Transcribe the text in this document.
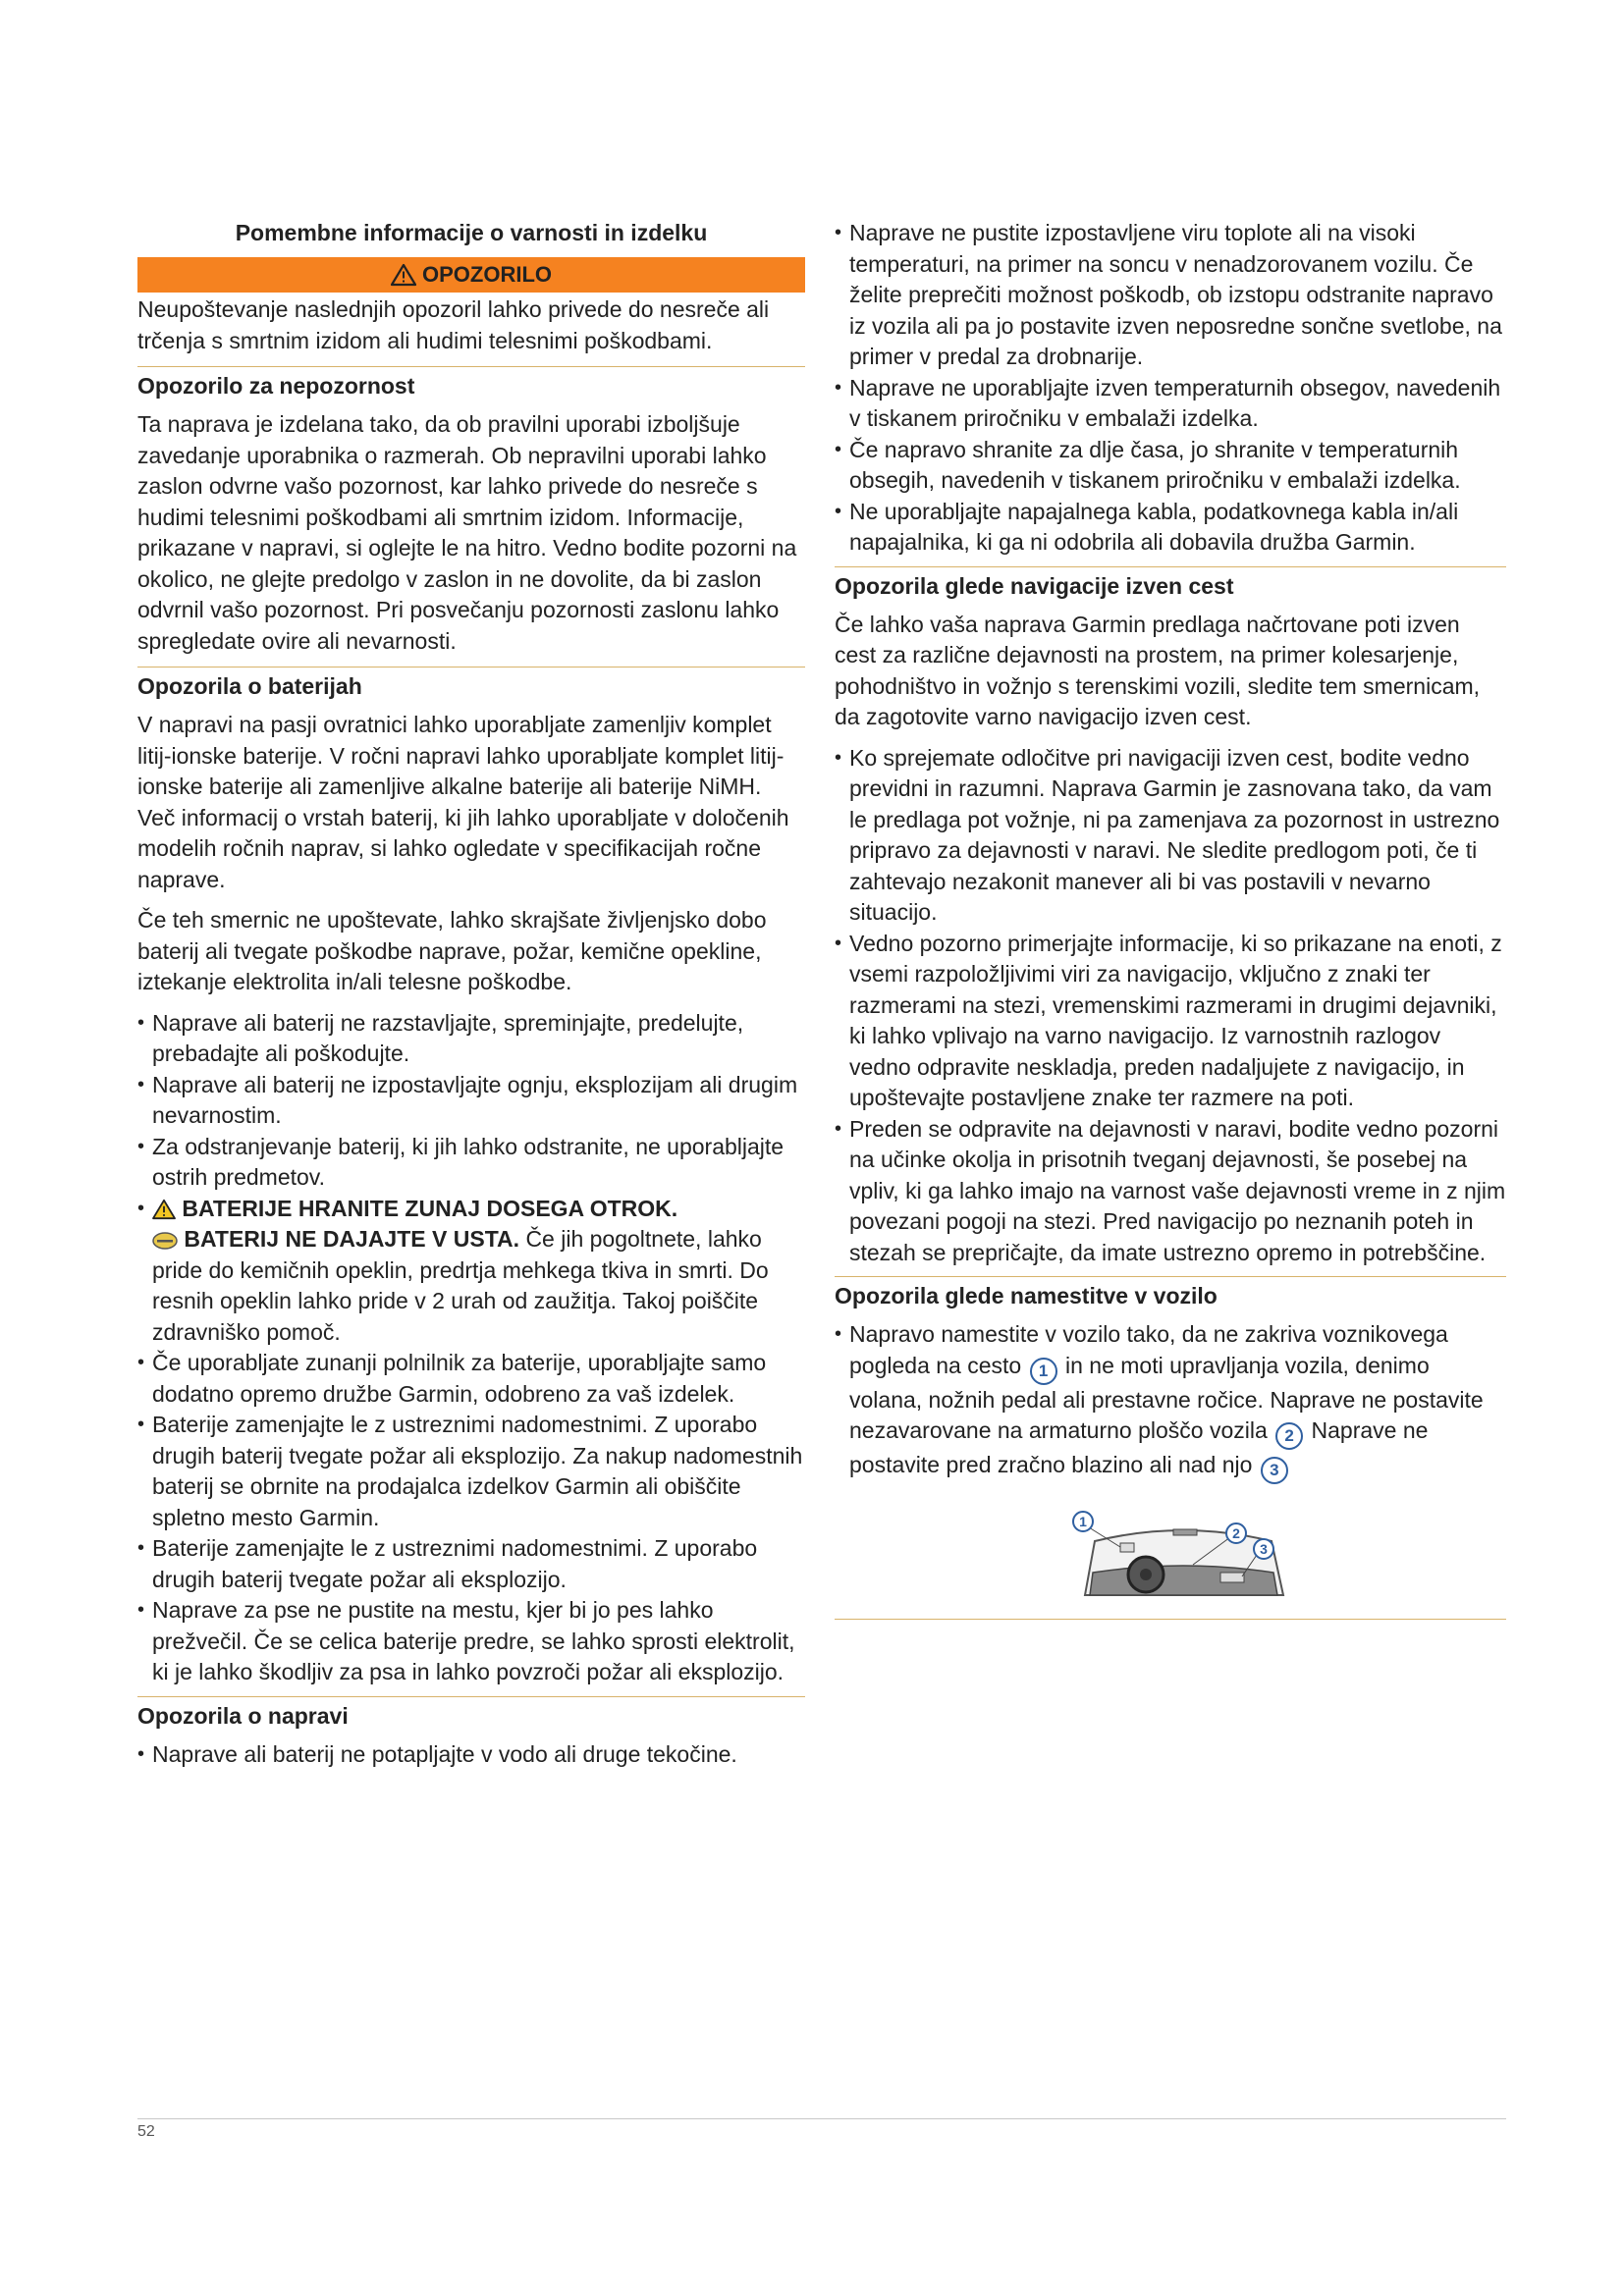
Pomembne informacije o varnosti in izdelku
OPOZORILO

Neupoštevanje naslednjih opozoril lahko privede do nesreče ali trčenja s smrtnim izidom ali hudimi telesnimi poškodbami.

Opozorilo za nepozornost

Ta naprava je izdelana tako, da ob pravilni uporabi izboljšuje zavedanje uporabnika o razmerah. Ob nepravilni uporabi lahko zaslon odvrne vašo pozornost, kar lahko privede do nesreče s hudimi telesnimi poškodbami ali smrtnim izidom. Informacije, prikazane v napravi, si oglejte le na hitro. Vedno bodite pozorni na okolico, ne glejte predolgo v zaslon in ne dovolite, da bi zaslon odvrnil vašo pozornost. Pri posvečanju pozornosti zaslonu lahko spregledate ovire ali nevarnosti.

Opozorila o baterijah

V napravi na pasji ovratnici lahko uporabljate zamenljiv komplet litij-ionske baterije. V ročni napravi lahko uporabljate komplet litij-ionske baterije ali zamenljive alkalne baterije ali baterije NiMH. Več informacij o vrstah baterij, ki jih lahko uporabljate v določenih modelih ročnih naprav, si lahko ogledate v specifikacijah ročne naprave.

Če teh smernic ne upoštevate, lahko skrajšate življenjsko dobo baterij ali tvegate poškodbe naprave, požar, kemične opekline, iztekanje elektrolita in/ali telesne poškodbe.

• Naprave ali baterij ne razstavljajte, spreminjajte, predelujte, prebadajte ali poškodujte.
• Naprave ali baterij ne izpostavljajte ognju, eksplozijam ali drugim nevarnostim.
• Za odstranjevanje baterij, ki jih lahko odstranite, ne uporabljajte ostrih predmetov.
• BATERIJE HRANITE ZUNAJ DOSEGA OTROK.
BATERIJ NE DAJAJTE V USTA. Če jih pogoltnete, lahko pride do kemičnih opeklin, predrtja mehkega tkiva in smrti. Do resnih opeklin lahko pride v 2 urah od zaužitja. Takoj poiščite zdravniško pomoč.
• Če uporabljate zunanji polnilnik za baterije, uporabljajte samo dodatno opremo družbe Garmin, odobreno za vaš izdelek.
• Baterije zamenjajte le z ustreznimi nadomestnimi. Z uporabo drugih baterij tvegate požar ali eksplozijo. Za nakup nadomestnih baterij se obrnite na prodajalca izdelkov Garmin ali obiščite spletno mesto Garmin.
• Baterije zamenjajte le z ustreznimi nadomestnimi. Z uporabo drugih baterij tvegate požar ali eksplozijo.
• Naprave za pse ne pustite na mestu, kjer bi jo pes lahko prežvečil. Če se celica baterije predre, se lahko sprosti elektrolit, ki je lahko škodljiv za psa in lahko povzroči požar ali eksplozijo.
Opozorila o napravi
• Naprave ali baterij ne potapljajte v vodo ali druge tekočine.
• Naprave ne pustite izpostavljene viru toplote ali na visoki temperaturi, na primer na soncu v nenadzorovanem vozilu. Če želite preprečiti možnost poškodb, ob izstopu odstranite napravo iz vozila ali pa jo postavite izven neposredne sončne svetlobe, na primer v predal za drobnarije.
• Naprave ne uporabljajte izven temperaturnih obsegov, navedenih v tiskanem priročniku v embalaži izdelka.
• Če napravo shranite za dlje časa, jo shranite v temperaturnih obsegih, navedenih v tiskanem priročniku v embalaži izdelka.
• Ne uporabljajte napajalnega kabla, podatkovnega kabla in/ali napajalnika, ki ga ni odobrila ali dobavila družba Garmin.
Opozorila glede navigacije izven cest

Če lahko vaša naprava Garmin predlaga načrtovane poti izven cest za različne dejavnosti na prostem, na primer kolesarjenje, pohodništvo in vožnjo s terenskimi vozili, sledite tem smernicam, da zagotovite varno navigacijo izven cest.

• Ko sprejemate odločitve pri navigaciji izven cest, bodite vedno previdni in razumni. Naprava Garmin je zasnovana tako, da vam le predlaga pot vožnje, ni pa zamenjava za pozornost in ustrezno pripravo za dejavnosti v naravi. Ne sledite predlogom poti, če ti zahtevajo nezakonit manever ali bi vas postavili v nevarno situacijo.
• Vedno pozorno primerjajte informacije, ki so prikazane na enoti, z vsemi razpoložljivimi viri za navigacijo, vključno z znaki ter razmerami na stezi, vremenskimi razmerami in drugimi dejavniki, ki lahko vplivajo na varno navigacijo. Iz varnostnih razlogov vedno odpravite neskladja, preden nadaljujete z navigacijo, in upoštevajte postavljene znake ter razmere na poti.
• Preden se odpravite na dejavnosti v naravi, bodite vedno pozorni na učinke okolja in prisotnih tveganj dejavnosti, še posebej na vpliv, ki ga lahko imajo na varnost vaše dejavnosti vreme in z njim povezani pogoji na stezi. Pred navigacijo po neznanih poteh in stezah se prepričajte, da imate ustrezno opremo in potrebščine.
Opozorila glede namestitve v vozilo
• Napravo namestite v vozilo tako, da ne zakriva voznikovega pogleda na cesto 1 in ne moti upravljanja vozila, denimo volana, nožnih pedal ali prestavne ročice. Naprave ne postavite nezavarovane na armaturno ploščo vozila 2 Naprave ne postavite pred zračno blazino ali nad njo 3
1
2
3
52
